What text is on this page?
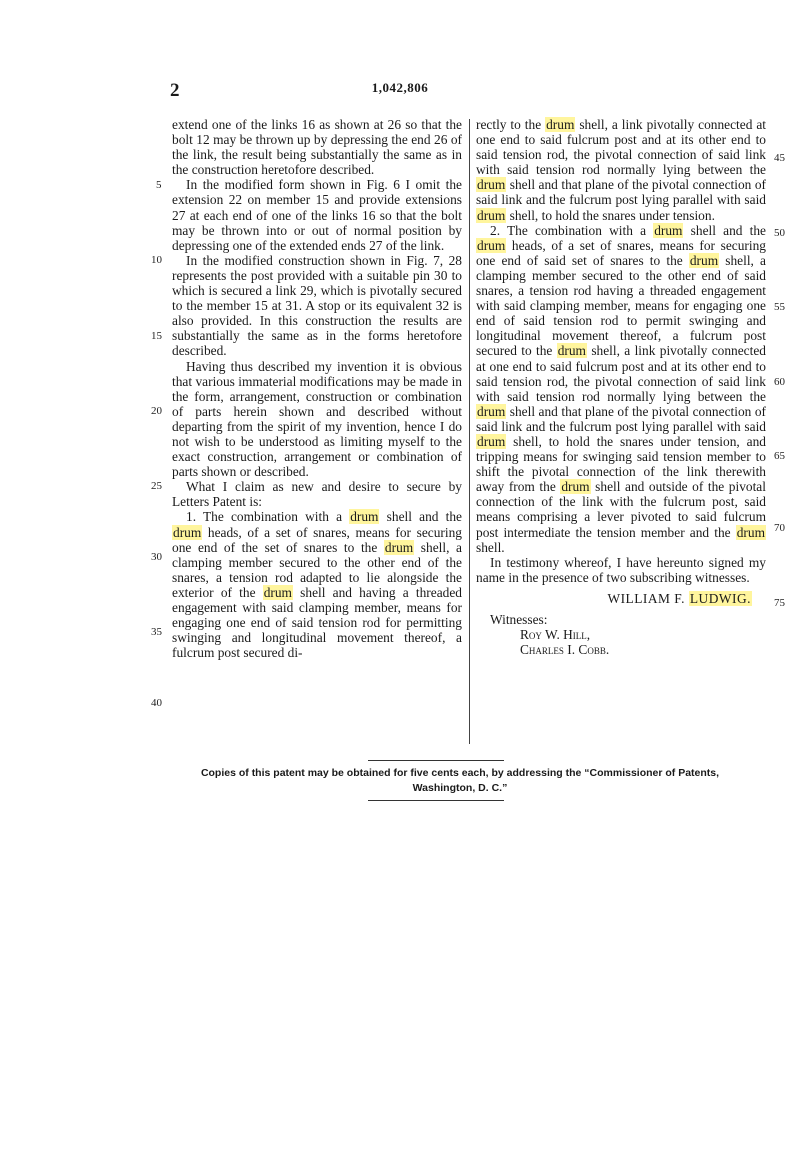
2	1,042,806
5
10
15
20
25
30
35
40
45
50
55
60
65
70
75

extend one of the links 16 as shown at 26 so that the bolt 12 may be thrown up by depressing the end 26 of the link, the result being substantially the same as in the construction heretofore described.

In the modified form shown in Fig. 6 I omit the extension 22 on member 15 and provide extensions 27 at each end of one of the links 16 so that the bolt may be thrown into or out of normal position by depressing one of the extended ends 27 of the link.

In the modified construction shown in Fig. 7, 28 represents the post provided with a suitable pin 30 to which is secured a link 29, which is pivotally secured to the member 15 at 31. A stop or its equivalent 32 is also provided. In this construction the results are substantially the same as in the forms heretofore described.

Having thus described my invention it is obvious that various immaterial modifications may be made in the form, arrangement, construction or combination of parts herein shown and described without departing from the spirit of my invention, hence I do not wish to be understood as limiting myself to the exact construction, arrangement or combination of parts shown or described.

What I claim as new and desire to secure by Letters Patent is:

1. The combination with a drum shell and the drum heads, of a set of snares, means for securing one end of the set of snares to the drum shell, a clamping member secured to the other end of the snares, a tension rod adapted to lie alongside the exterior of the drum shell and having a threaded engagement with said clamping member, means for engaging one end of said tension rod for permitting swinging and longitudinal movement thereof, a fulcrum post secured di-

rectly to the drum shell, a link pivotally connected at one end to said fulcrum post and at its other end to said tension rod, the pivotal connection of said link with said tension rod normally lying between the drum shell and that plane of the pivotal connection of said link and the fulcrum post lying parallel with said drum shell, to hold the snares under tension.

2. The combination with a drum shell and the drum heads, of a set of snares, means for securing one end of said set of snares to the drum shell, a clamping member secured to the other end of said snares, a tension rod having a threaded engagement with said clamping member, means for engaging one end of said tension rod to permit swinging and longitudinal movement thereof, a fulcrum post secured to the drum shell, a link pivotally connected at one end to said fulcrum post and at its other end to said tension rod, the pivotal connection of said link with said tension rod normally lying between the drum shell and that plane of the pivotal connection of said link and the fulcrum post lying parallel with said drum shell, to hold the snares under tension, and tripping means for swinging said tension member to shift the pivotal connection of the link therewith away from the drum shell and outside of the pivotal connection of the link with the fulcrum post, said means comprising a lever pivoted to said fulcrum post intermediate the tension member and the drum shell.

In testimony whereof, I have hereunto signed my name in the presence of two subscribing witnesses.

WILLIAM F. LUDWIG.

Witnesses:

Roy W. Hill,

Charles I. Cobb.

Copies of this patent may be obtained for five cents each, by addressing the “Commissioner of Patents,
Washington, D. C.”
